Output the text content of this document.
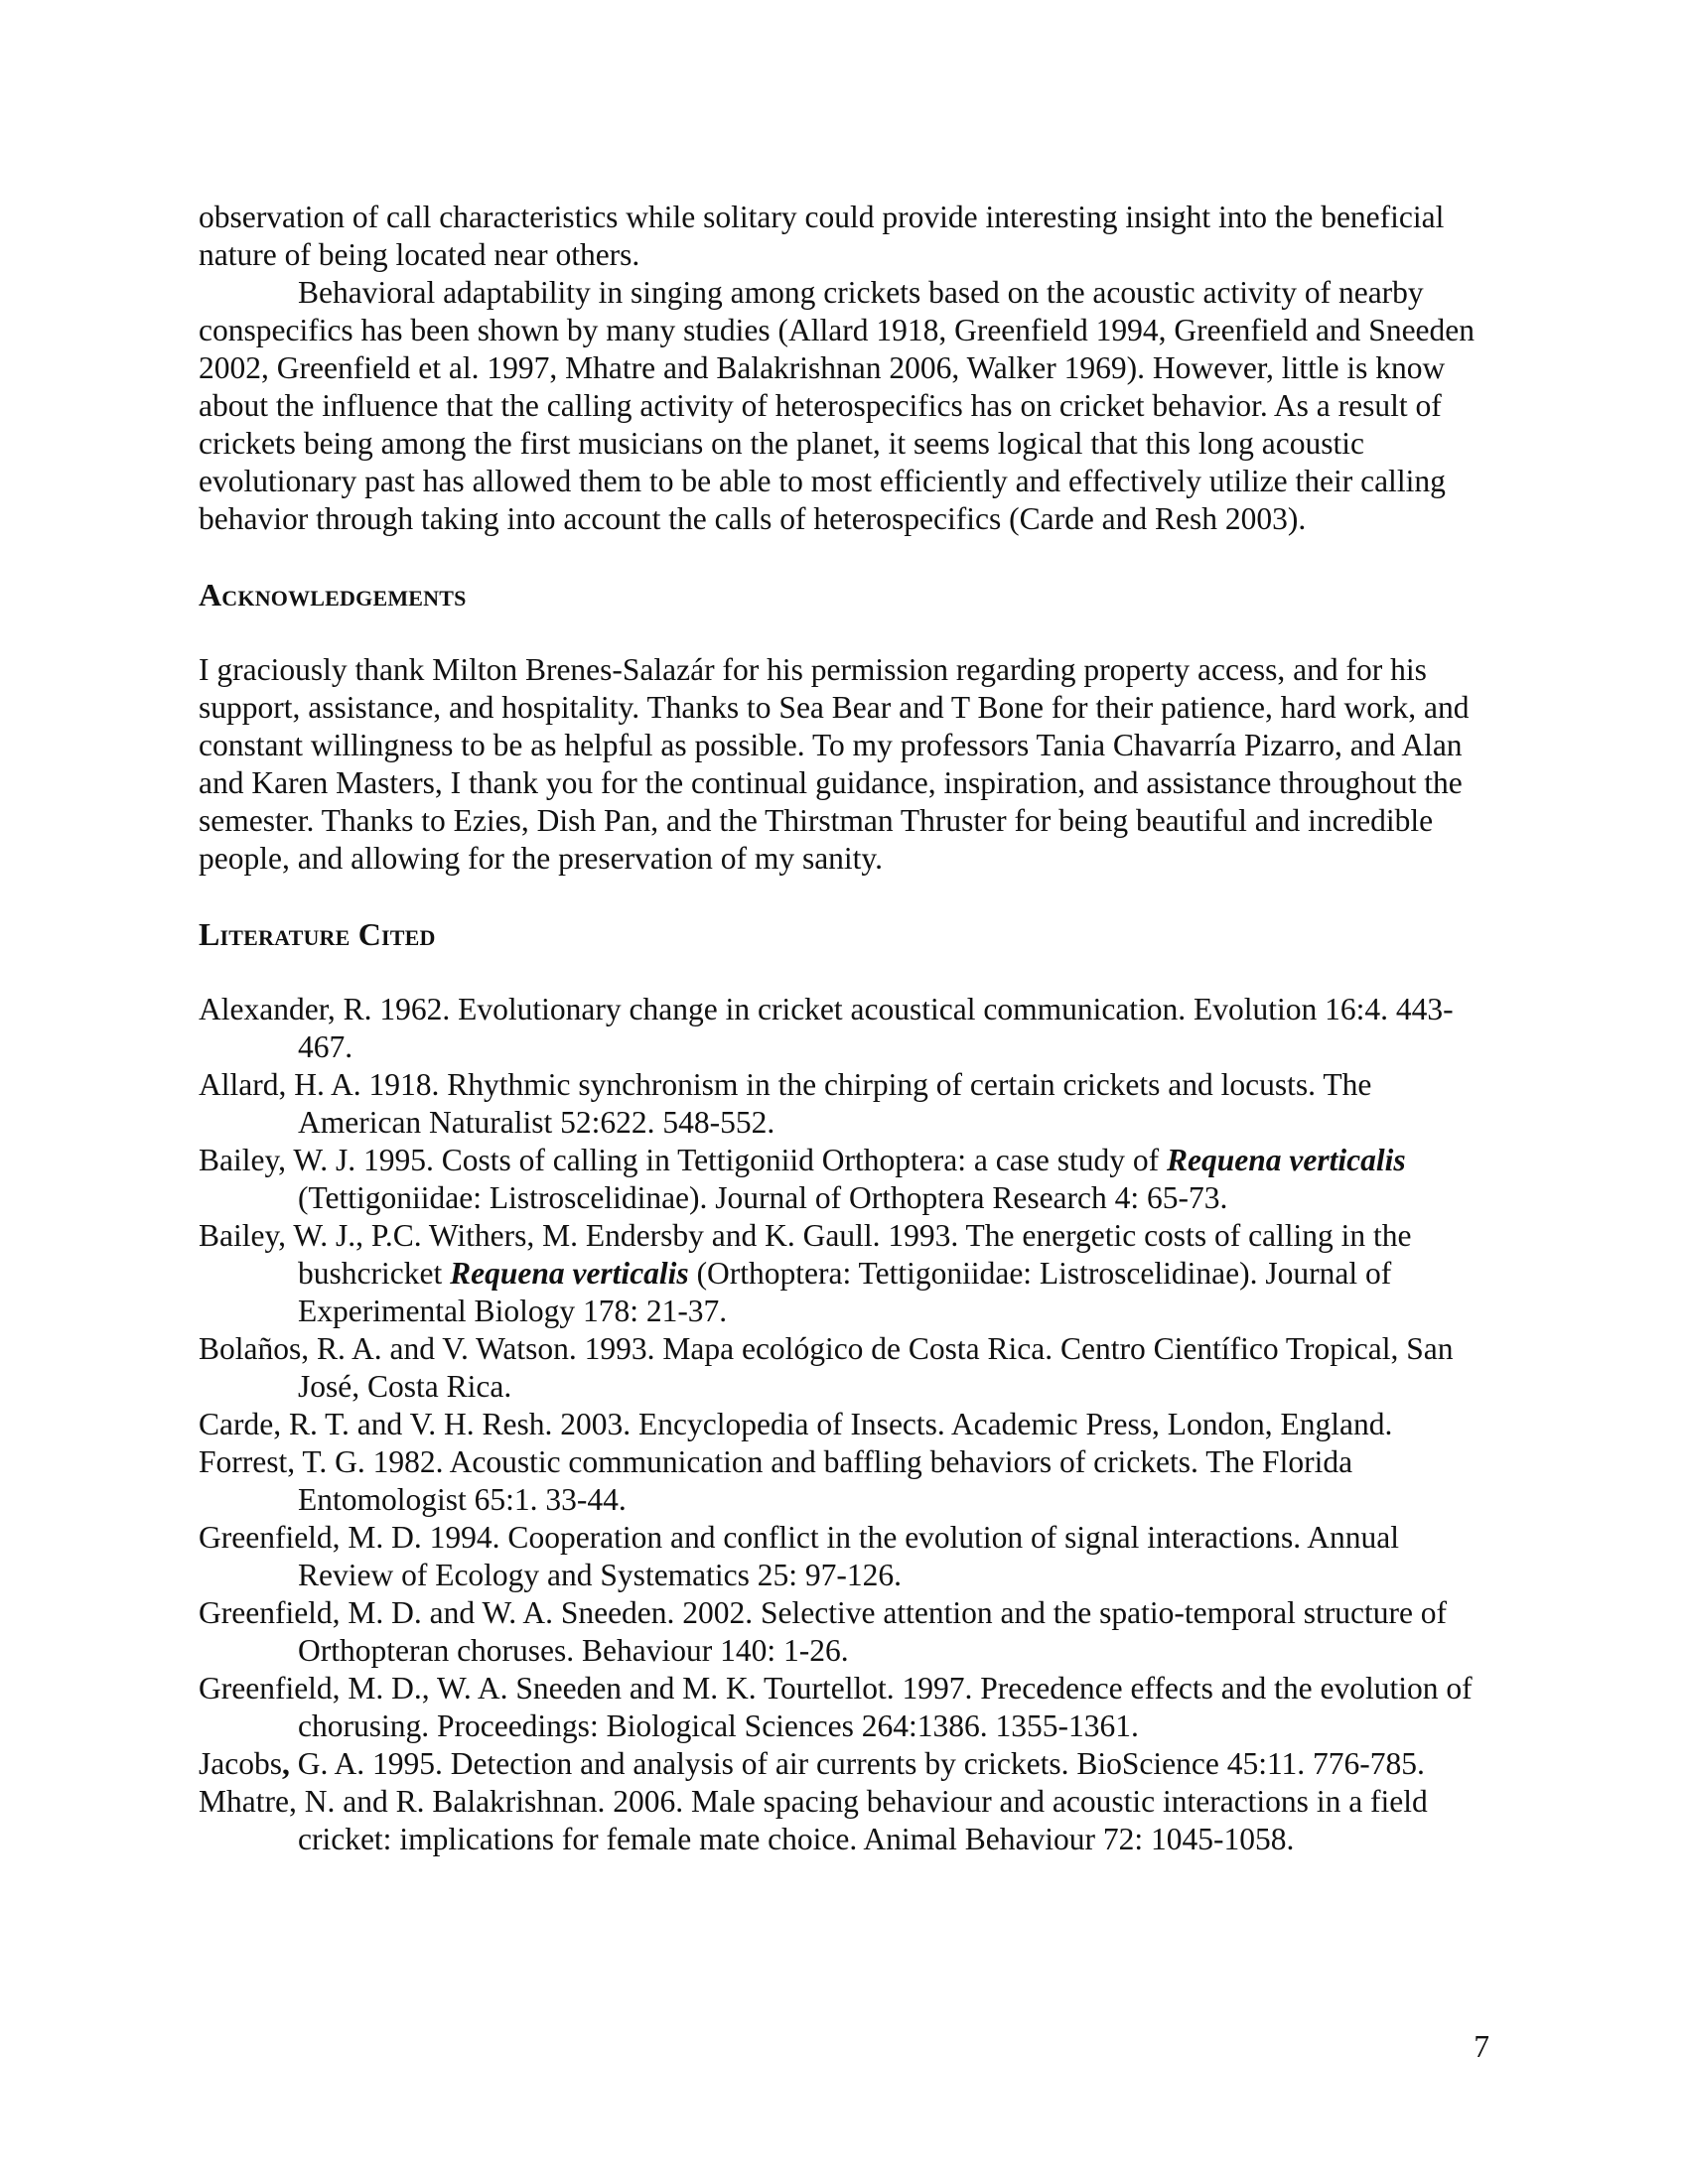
observation of call characteristics while solitary could provide interesting insight into the beneficial nature of being located near others.

Behavioral adaptability in singing among crickets based on the acoustic activity of nearby conspecifics has been shown by many studies (Allard 1918, Greenfield 1994, Greenfield and Sneeden 2002, Greenfield et al. 1997, Mhatre and Balakrishnan 2006, Walker 1969). However, little is know about the influence that the calling activity of heterospecifics has on cricket behavior. As a result of crickets being among the first musicians on the planet, it seems logical that this long acoustic evolutionary past has allowed them to be able to most efficiently and effectively utilize their calling behavior through taking into account the calls of heterospecifics (Carde and Resh 2003).

Acknowledgements

I graciously thank Milton Brenes-Salazár for his permission regarding property access, and for his support, assistance, and hospitality. Thanks to Sea Bear and T Bone for their patience, hard work, and constant willingness to be as helpful as possible. To my professors Tania Chavarría Pizarro, and Alan and Karen Masters, I thank you for the continual guidance, inspiration, and assistance throughout the semester. Thanks to Ezies, Dish Pan, and the Thirstman Thruster for being beautiful and incredible people, and allowing for the preservation of my sanity.

Literature Cited

Alexander, R. 1962. Evolutionary change in cricket acoustical communication. Evolution 16:4. 443-467.

Allard, H. A. 1918. Rhythmic synchronism in the chirping of certain crickets and locusts. The American Naturalist 52:622. 548-552.

Bailey, W. J. 1995. Costs of calling in Tettigoniid Orthoptera: a case study of Requena verticalis (Tettigoniidae: Listroscelidinae). Journal of Orthoptera Research 4: 65-73.

Bailey, W. J., P.C. Withers, M. Endersby and K. Gaull. 1993. The energetic costs of calling in the bushcricket Requena verticalis (Orthoptera: Tettigoniidae: Listroscelidinae). Journal of Experimental Biology 178: 21-37.

Bolaños, R. A. and V. Watson. 1993. Mapa ecológico de Costa Rica. Centro Científico Tropical, San José, Costa Rica.

Carde, R. T. and V. H. Resh. 2003. Encyclopedia of Insects. Academic Press, London, England.

Forrest, T. G. 1982. Acoustic communication and baffling behaviors of crickets. The Florida Entomologist 65:1. 33-44.

Greenfield, M. D. 1994. Cooperation and conflict in the evolution of signal interactions. Annual Review of Ecology and Systematics 25: 97-126.

Greenfield, M. D. and W. A. Sneeden. 2002. Selective attention and the spatio-temporal structure of Orthopteran choruses. Behaviour 140: 1-26.

Greenfield, M. D., W. A. Sneeden and M. K. Tourtellot. 1997. Precedence effects and the evolution of chorusing. Proceedings: Biological Sciences 264:1386. 1355-1361.

Jacobs, G. A. 1995. Detection and analysis of air currents by crickets. BioScience 45:11. 776-785.

Mhatre, N. and R. Balakrishnan. 2006. Male spacing behaviour and acoustic interactions in a field cricket: implications for female mate choice. Animal Behaviour 72: 1045-1058.

7
